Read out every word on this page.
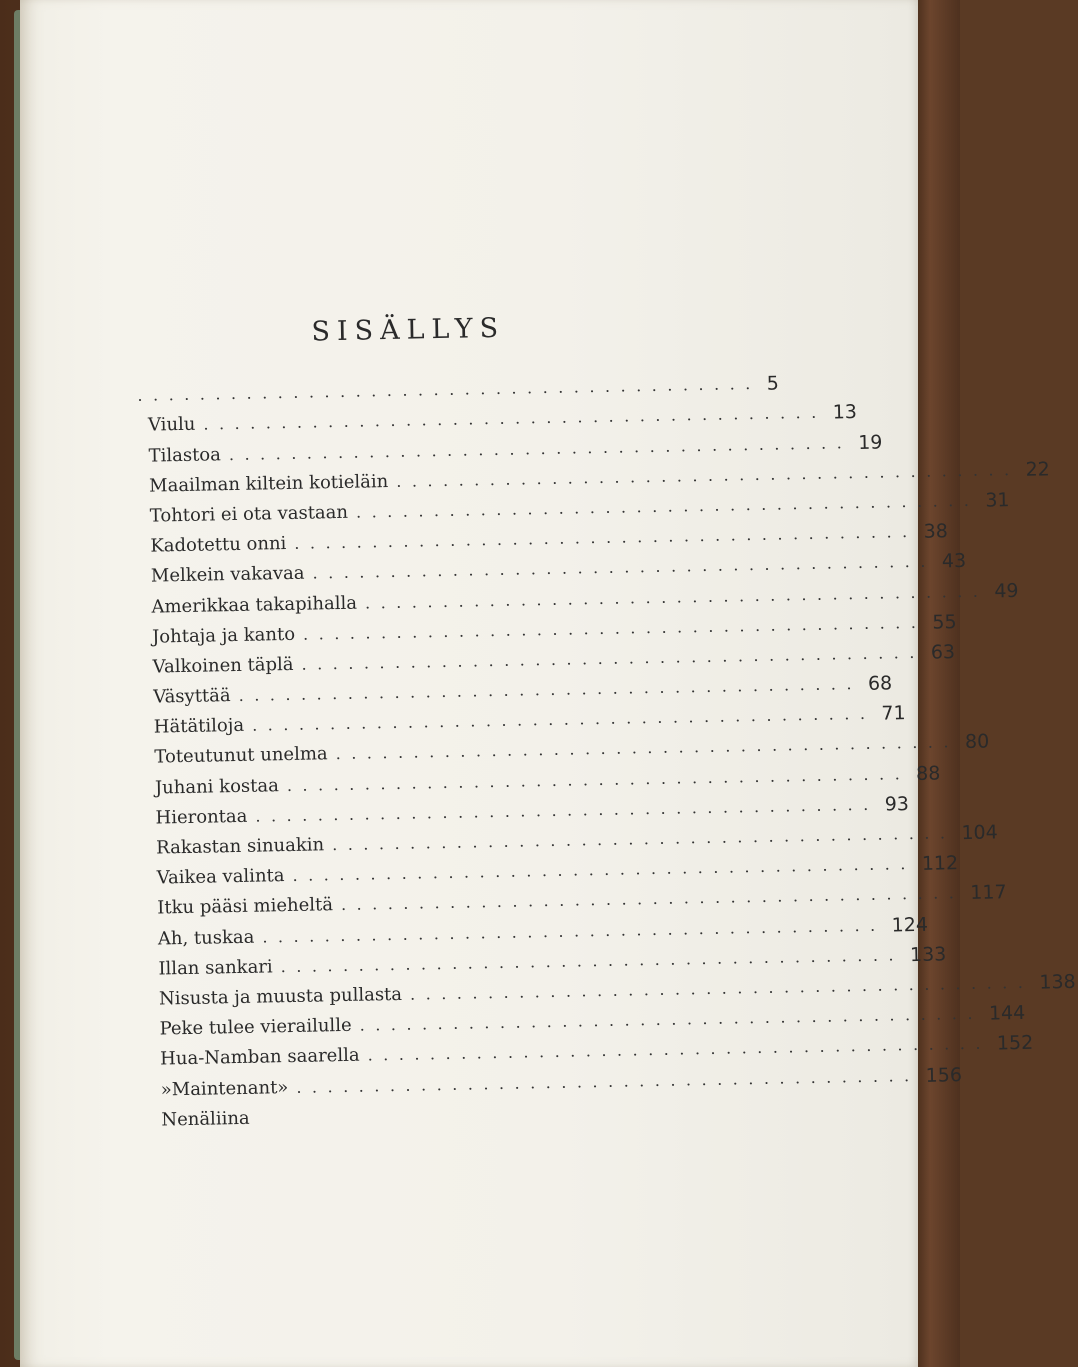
SISÄLLYS
........................................ 5
Viulu ........................................ 13
Tilastoa ........................................ 19
Maailman kiltein kotieläin ........................................ 22
Tohtori ei ota vastaan ........................................ 31
Kadotettu onni ........................................ 38
Melkein vakavaa ........................................ 43
Amerikkaa takapihalla ........................................ 49
Johtaja ja kanto ........................................ 55
Valkoinen täplä ........................................ 63
Väsyttää ........................................ 68
Hätätiloja ........................................ 71
Toteutunut unelma ........................................ 80
Juhani kostaa ........................................ 88
Hierontaa ........................................ 93
Rakastan sinuakin ........................................ 104
Vaikea valinta ........................................ 112
Itku pääsi mieheltä ........................................ 117
Ah, tuskaa ........................................ 124
Illan sankari ........................................ 133
Nisusta ja muusta pullasta ........................................ 138
Peke tulee vierailulle ........................................ 144
Hua-Namban saarella ........................................ 152
»Maintenant» ........................................ 156
Nenäliina
